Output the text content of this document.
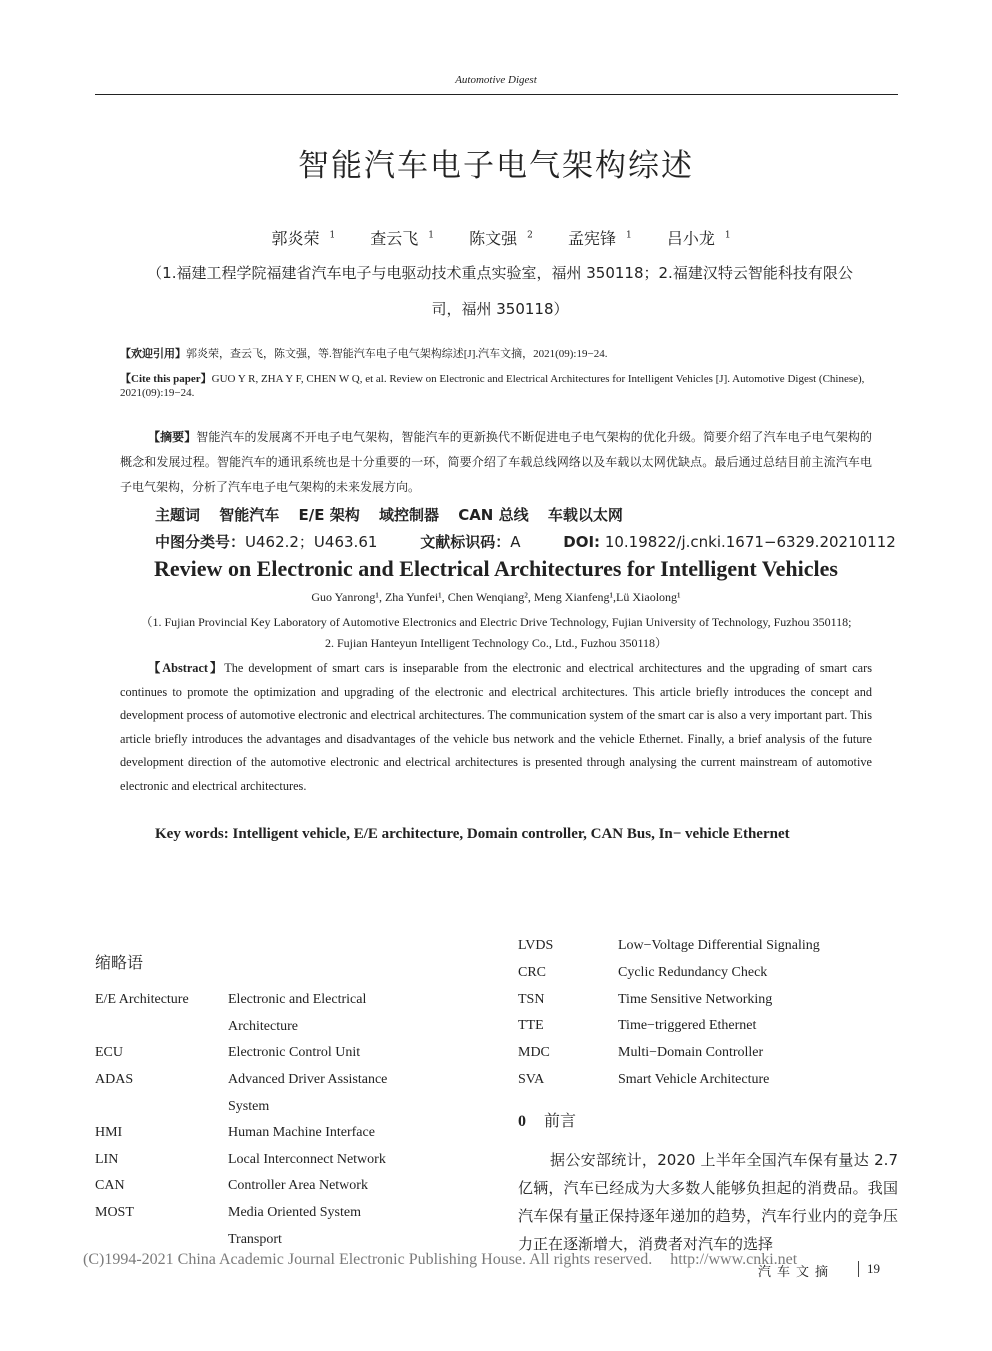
Automotive Digest
智能汽车电子电气架构综述
郭炎荣 $^1$ 查云飞 $^1$ 陈文强 $^2$ 孟宪锋 $^1$ 吕小龙 $^1$
（1.福建工程学院福建省汽车电子与电驱动技术重点实验室，福州 350118；2.福建汉特云智能科技有限公
司，福州 350118）
【欢迎引用】郭炎荣，查云飞，陈文强，等.智能汽车电子电气架构综述[J].汽车文摘，2021(09):19−24.
【Cite this paper】GUO Y R, ZHA Y F, CHEN W Q, et al. Review on Electronic and Electrical Architectures for Intelligent Vehicles [J]. Automotive Digest (Chinese), 2021(09):19−24.
【摘要】智能汽车的发展离不开电子电气架构，智能汽车的更新换代不断促进电子电气架构的优化升级。简要介绍了汽车电子电气架构的概念和发展过程。智能汽车的通讯系统也是十分重要的一环，简要介绍了车载总线网络以及车载以太网优缺点。最后通过总结目前主流汽车电子电气架构，分析了汽车电子电气架构的未来发展方向。
主题词 智能汽车 E/E 架构 域控制器 CAN 总线 车载以太网
中图分类号：U462.2；U463.61	文献标识码：A	DOI: 10.19822/j.cnki.1671−6329.20210112
Review on Electronic and Electrical Architectures for Intelligent Vehicles
Guo Yanrong¹, Zha Yunfei¹, Chen Wenqiang², Meng Xianfeng¹,Lü Xiaolong¹
（1. Fujian Provincial Key Laboratory of Automotive Electronics and Electric Drive Technology, Fujian University of Technology, Fuzhou 350118; 2. Fujian Hanteyun Intelligent Technology Co., Ltd., Fuzhou 350118）
【Abstract】The development of smart cars is inseparable from the electronic and electrical architectures and the upgrading of smart cars continues to promote the optimization and upgrading of the electronic and electrical architectures. This article briefly introduces the concept and development process of automotive electronic and electrical architectures. The communication system of the smart car is also a very important part. This article briefly introduces the advantages and disadvantages of the vehicle bus network and the vehicle Ethernet. Finally, a brief analysis of the future development direction of the automotive electronic and electrical architectures is presented through analysing the current mainstream of automotive electronic and electrical architectures.
Key words: Intelligent vehicle, E/E architecture, Domain controller, CAN Bus, In− vehicle Ethernet
缩略语
E/E Architecture	Electronic and Electrical Architecture
ECU	Electronic Control Unit
ADAS	Advanced Driver Assistance System
HMI	Human Machine Interface
LIN	Local Interconnect Network
CAN	Controller Area Network
MOST	Media Oriented System Transport
LVDS	Low−Voltage Differential Signaling
CRC	Cyclic Redundancy Check
TSN	Time Sensitive Networking
TTE	Time−triggered Ethernet
MDC	Multi−Domain Controller
SVA	Smart Vehicle Architecture
0 前言
据公安部统计，2020 上半年全国汽车保有量达 2.7 亿辆，汽车已经成为大多数人能够负担起的消费品。我国汽车保有量正保持逐年递加的趋势，汽车行业内的竞争压力正在逐渐增大，消费者对汽车的选择
(C)1994-2021 China Academic Journal Electronic Publishing House. All rights reserved. http://www.cnki.net
汽车文摘	19
